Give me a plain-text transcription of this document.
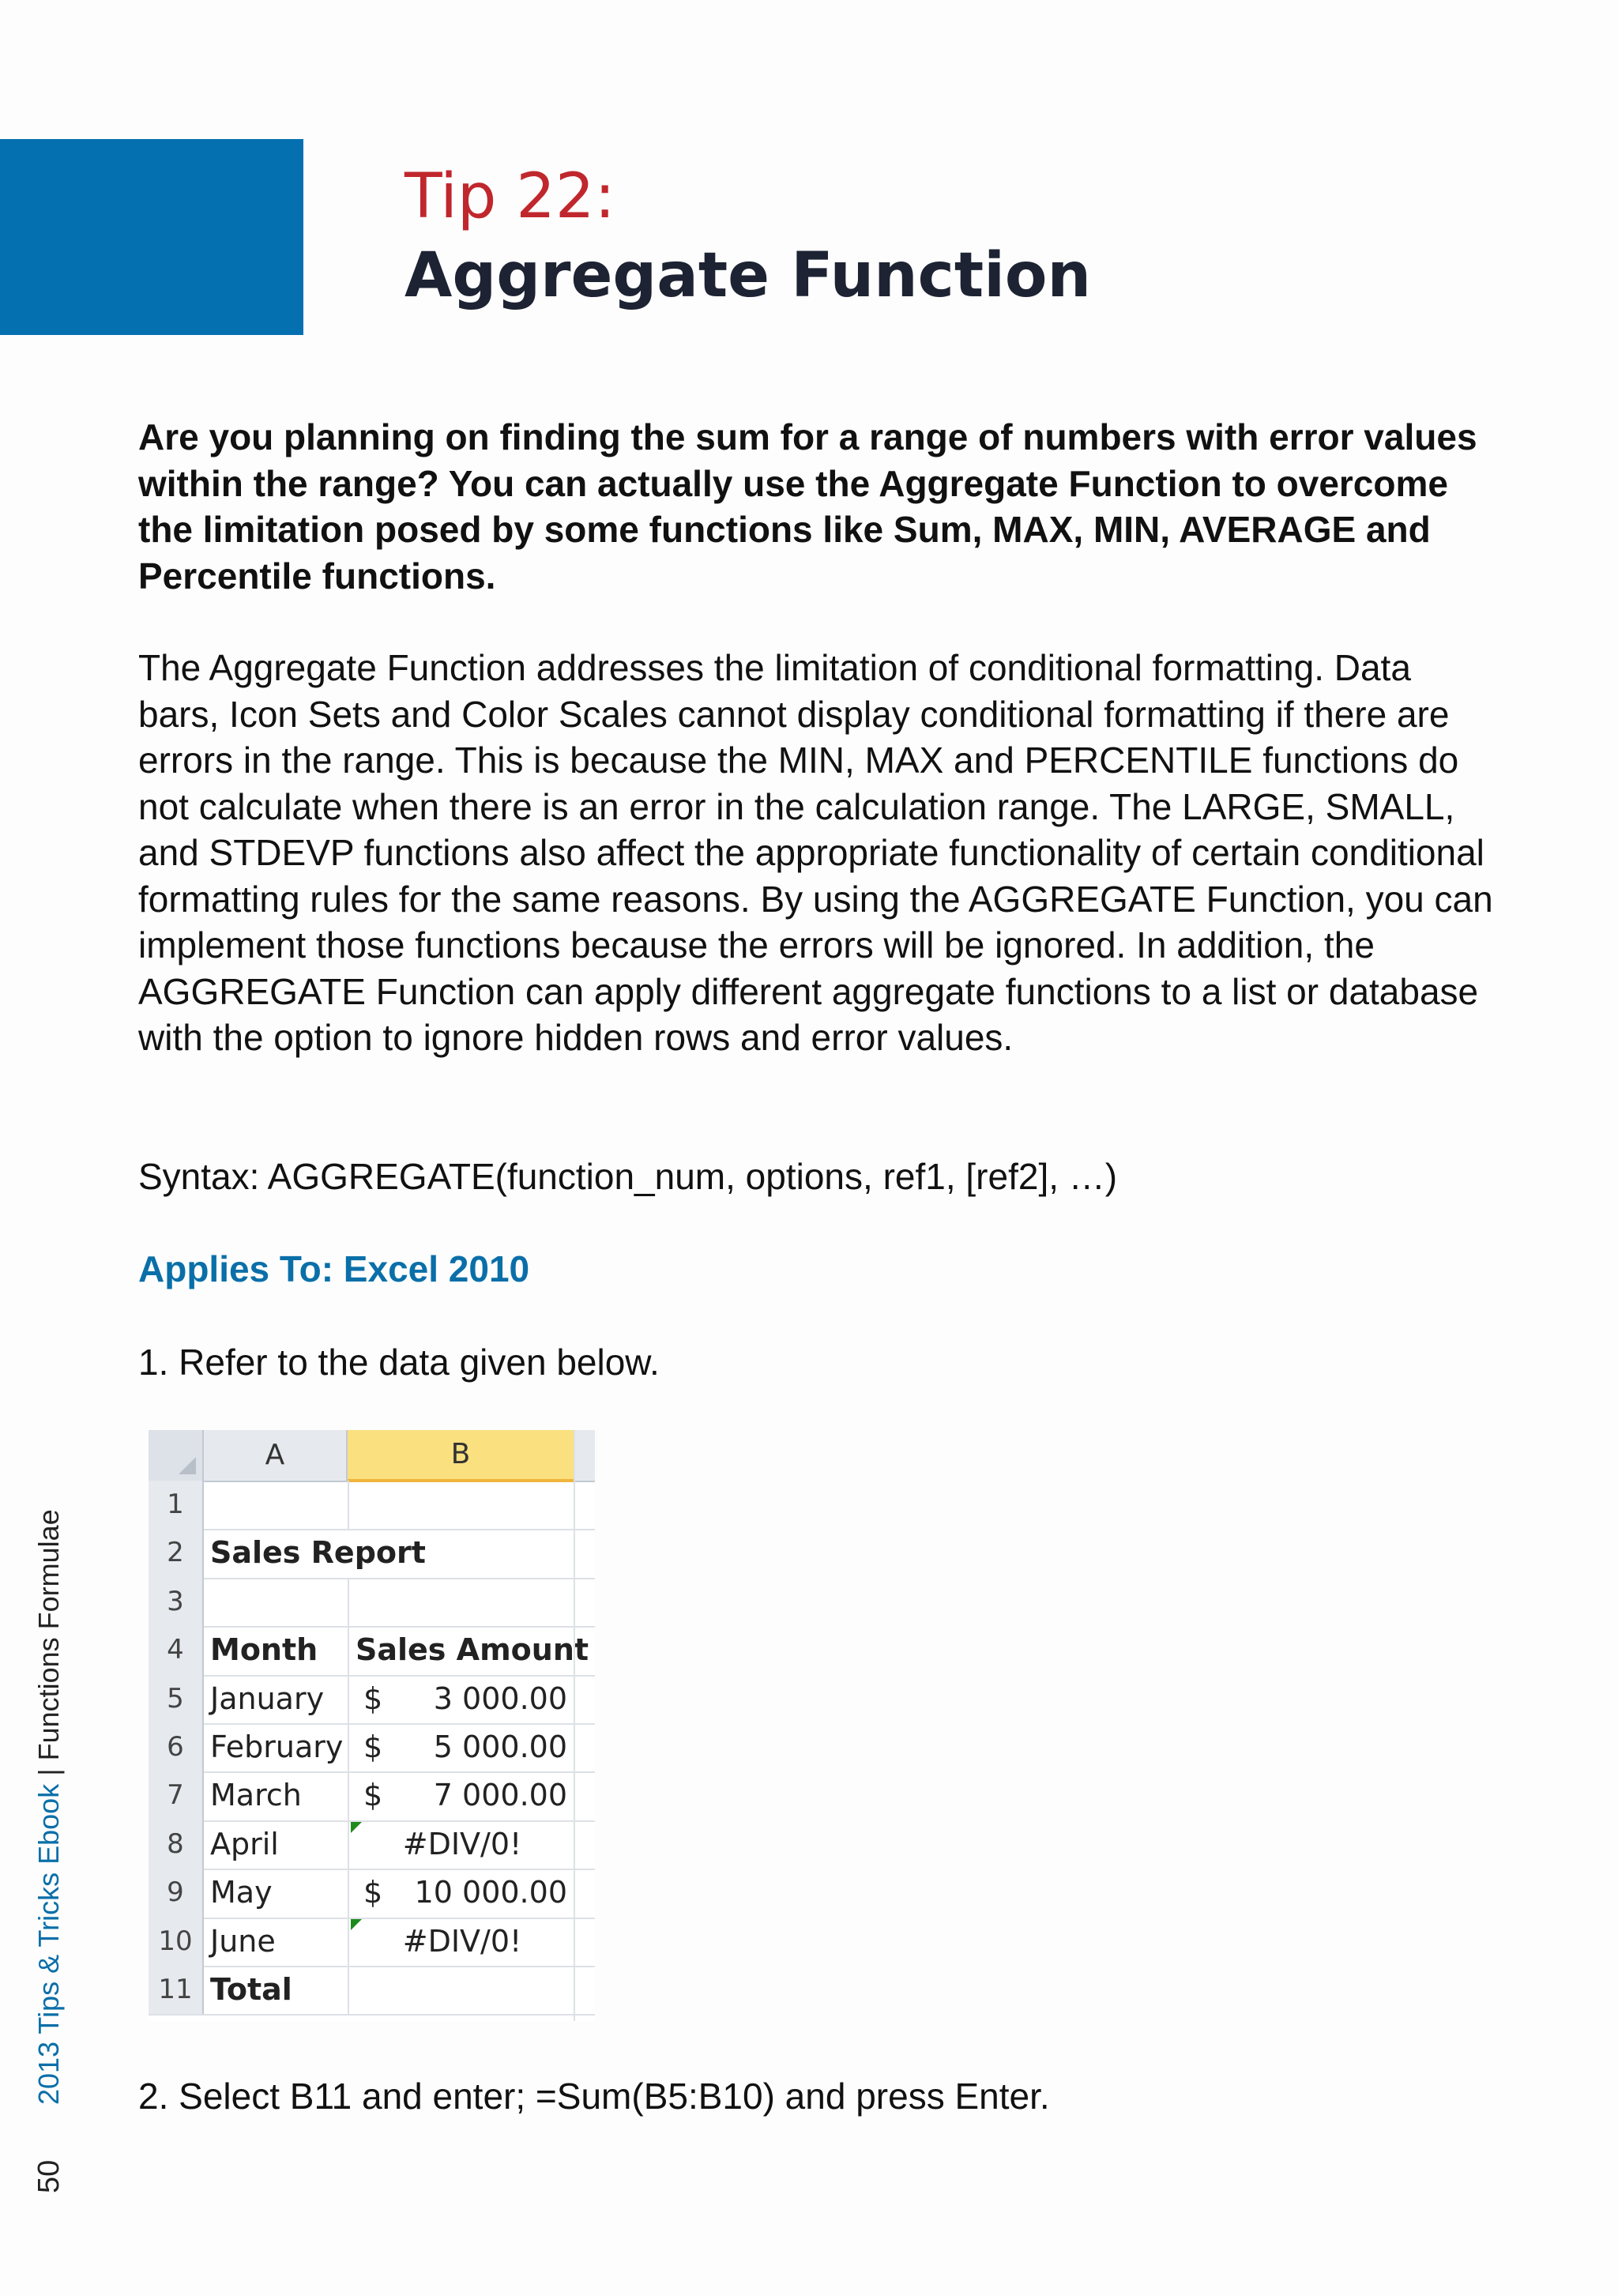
Tip 22:
Aggregate Function

Are you planning on finding the sum for a range of numbers with error values within the range? You can actually use the Aggregate Function to overcome the limitation posed by some functions like Sum, MAX, MIN, AVERAGE and Percentile functions.

The Aggregate Function addresses the limitation of conditional formatting. Data bars, Icon Sets and Color Scales cannot display conditional formatting if there are errors in the range. This is because the MIN, MAX and PERCENTILE functions do not calculate when there is an error in the calculation range. The LARGE, SMALL, and STDEVP functions also affect the appropriate functionality of certain conditional formatting rules for the same reasons. By using the AGGREGATE Function, you can implement those functions because the errors will be ignored. In addition, the AGGREGATE Function can apply different aggregate functions to a list or database with the option to ignore hidden rows and error values.

Syntax: AGGREGATE(function_num, options, ref1, [ref2], …)

Applies To: Excel 2010

1. Refer to the data given below.

A	B
1
2 Sales Report
3
4 Month Sales Amount
5 January $ 3 000.00
6 February $ 5 000.00
7 March $ 7 000.00
8 April	#DIV/0!
9 May	$ 10 000.00
10 June	#DIV/0!
11 Total

2. Select B11 and enter; =Sum(B5:B10) and press Enter.

2013 Tips & Tricks Ebook | Functions Formulae
50
